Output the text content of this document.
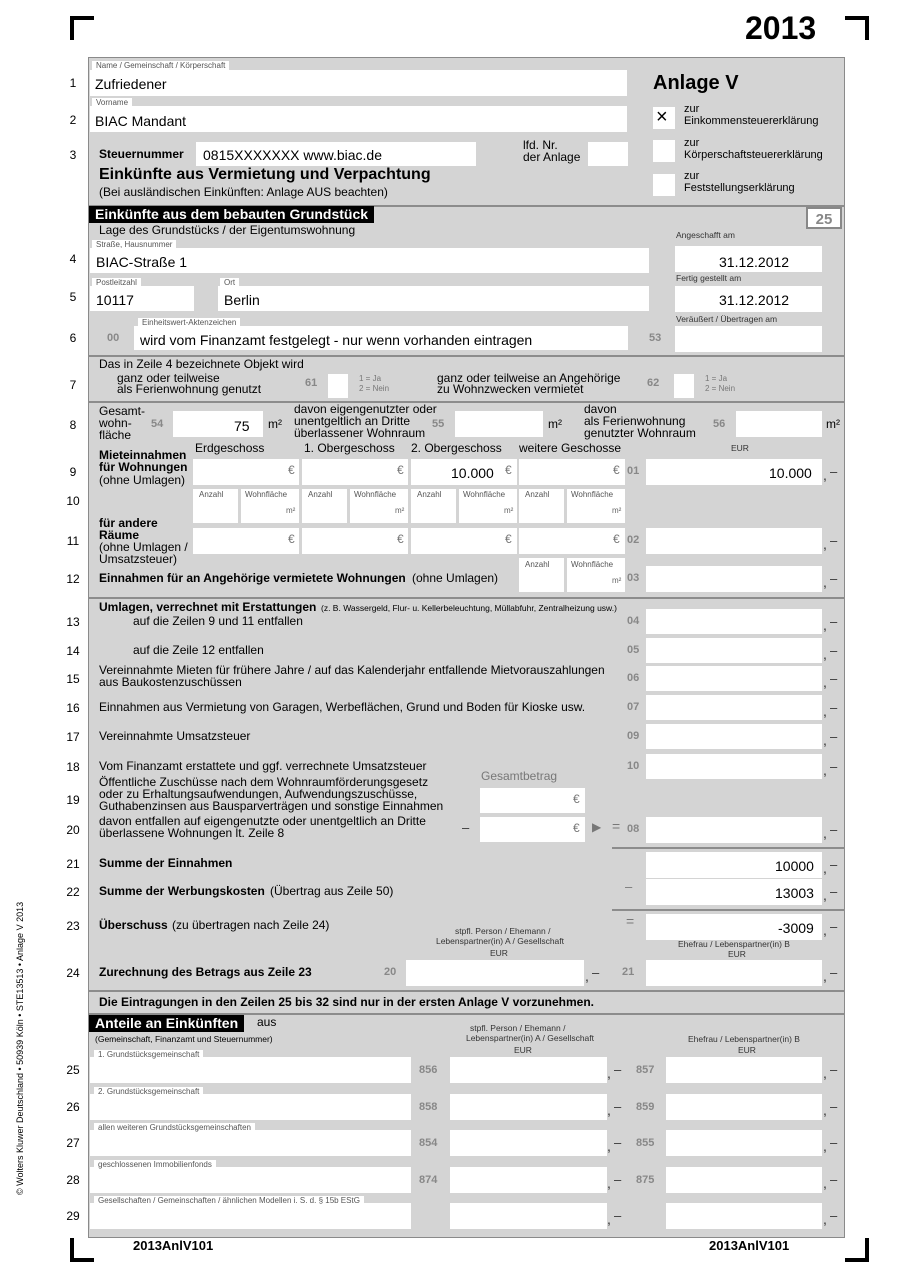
2013
© Wolters Kluwer Deutschland • 50939 Köln • STE13513 • Anlage V 2013
Name / Gemeinschaft / Körperschaft
Zufriedener
1
Vorname
BIAC Mandant
2
Steuernummer 0815XXXXXXX www.biac.de
3
lfd. Nr.
der Anlage
Einkünfte aus Vermietung und Verpachtung
(Bei ausländischen Einkünften: Anlage AUS beachten)
Anlage V
× zur
Einkommensteuererklärung
zur
Körperschaftsteuererklärung
zur
Feststellungserklärung
Einkünfte aus dem bebauten Grundstück	25
Lage des Grundstücks / der Eigentumswohnung
Straße, Hausnummer
BIAC-Straße 1
4
Angeschafft am
31.12.2012
Postleitzahl
10117
Ort
Berlin
5
Fertig gestellt am
31.12.2012
00
Einheitswert-Aktenzeichen
wird vom Finanzamt festgelegt - nur wenn vorhanden eintragen
6
Veräußert / Übertragen am
53
Das in Zeile 4 bezeichnete Objekt wird
ganz oder teilweise
als Ferienwohnung genutzt	61	1 = Ja
2 = Nein
ganz oder teilweise an Angehörige
zu Wohnzwecken vermietet	62	1 = Ja
2 = Nein
7
Gesamt-
wohn-
fläche
54	75 m²
davon eigengenutzter oder
unentgeltlich an Dritte
überlassener Wohnraum
55	m²
davon
als Ferienwohnung
genutzter Wohnraum
56	m²
8
Mieteinnahmen
für Wohnungen
(ohne Umlagen)
Erdgeschoss	1. Obergeschoss 2. Obergeschoss weitere Geschosse	EUR
€	€	10.000 €	€ 01	10.000 , –
9
Anzahl	Wohnfläche
m²
Anzahl	Wohnfläche
m²
Anzahl	Wohnfläche
m²
Anzahl	Wohnfläche
m²
10
für andere
Räume
(ohne Umlagen /
Umsatzsteuer)
€	€	€	€ 02	, –
11
Einnahmen für an Angehörige vermietete Wohnungen (ohne Umlagen)
Anzahl	Wohnfläche
m² 03	, –
12
Umlagen, verrechnet mit Erstattungen (z. B. Wassergeld, Flur- u. Kellerbeleuchtung, Müllabfuhr, Zentralheizung usw.)
13	auf die Zeilen 9 und 11 entfallen	04	, –
14	auf die Zeile 12 entfallen	05	, –
15
Vereinnahmte Mieten für frühere Jahre / auf das Kalenderjahr entfallende Mietvorauszahlungen
aus Baukostenzuschüssen	06	, –
16	Einnahmen aus Vermietung von Garagen, Werbeflächen, Grund und Boden für Kioske usw.	07	, –
17	Vereinnahmte Umsatzsteuer	09	, –
18	Vom Finanzamt erstattete und ggf. verrechnete Umsatzsteuer	10	, –
Öffentliche Zuschüsse nach dem Wohnraumförderungsgesetz
oder zu Erhaltungsaufwendungen, Aufwendungszuschüsse,
Guthabenzinsen aus Bausparverträgen und sonstige Einnahmen
Gesamtbetrag
€
19
davon entfallen auf eigengenutzte oder unentgeltlich an Dritte
überlassene Wohnungen lt. Zeile 8	–	€ ▶ = 08	, –
20
Summe der Einnahmen	10000 , –
21
Summe der Werbungskosten (Übertrag aus Zeile 50)	–	13003 , –
22
Überschuss (zu übertragen nach Zeile 24)	=	-3009 , –
23	stpfl. Person / Ehemann /
Lebenspartner(in) A / Gesellschaft
EUR
Ehefrau / Lebenspartner(in) B
EUR
Zurechnung des Betrags aus Zeile 23	20	, – 21	, –
24
Die Eintragungen in den Zeilen 25 bis 32 sind nur in der ersten Anlage V vorzunehmen.
Anteile an Einkünften	aus
(Gemeinschaft, Finanzamt und Steuernummer)
stpfl. Person / Ehemann /
Lebenspartner(in) A / Gesellschaft
EUR
Ehefrau / Lebenspartner(in) B
EUR
25
1. Grundstücksgemeinschaft
856	, – 857	, –
26
2. Grundstücksgemeinschaft
858	, – 859	, –
27
allen weiteren Grundstücksgemeinschaften
854	, – 855	, –
28
geschlossenen Immobilienfonds
874	, – 875	, –
29
Gesellschaften / Gemeinschaften / ähnlichen Modellen i. S. d. § 15b EStG
, –	, –
2013AnlV101	2013AnlV101
